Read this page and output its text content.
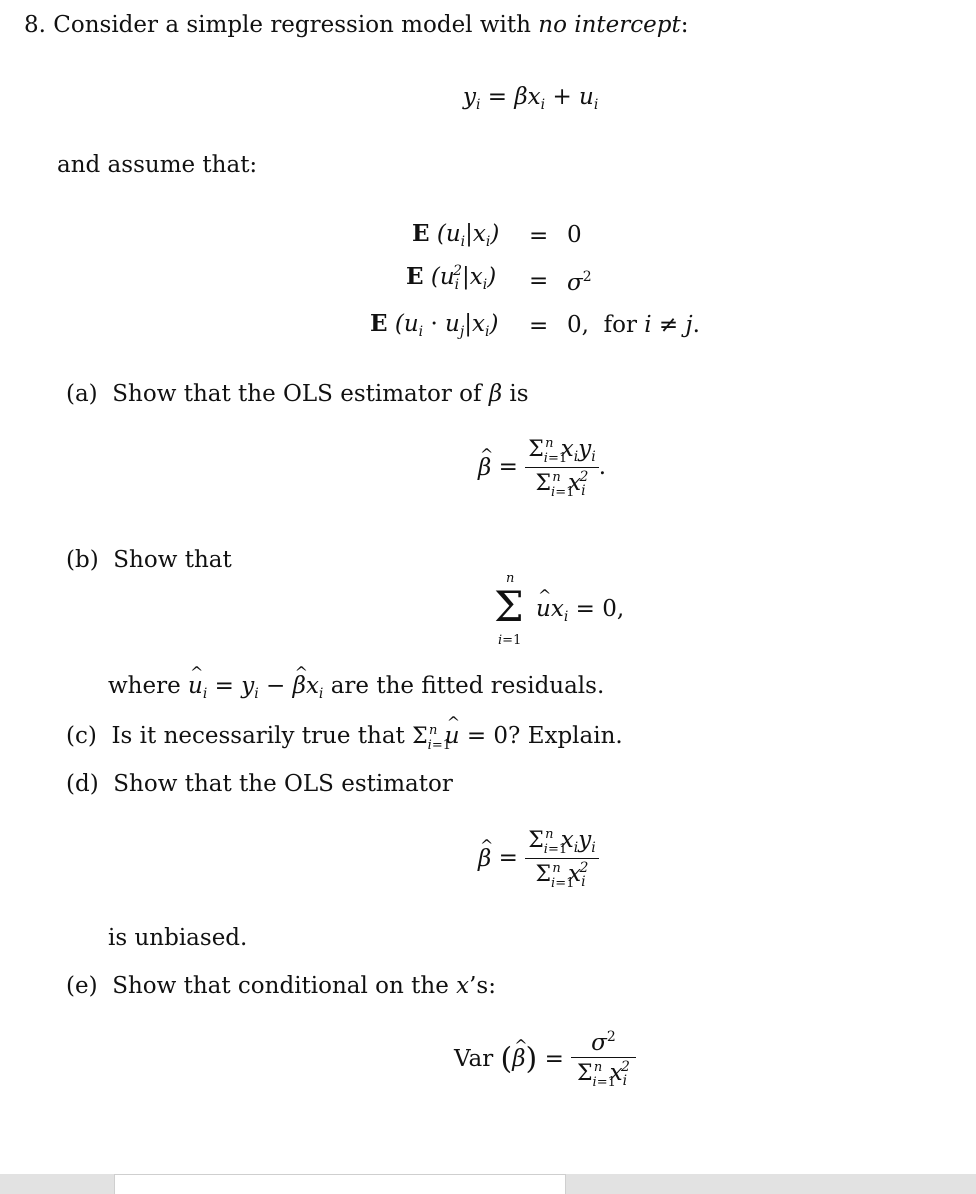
8. Consider a simple regression model with no intercept:
$y_i = \beta x_i + u_i$
and assume that:
E $(u_i|x_i) = 0$
E $(u_i^2|x_i) = \sigma^2$
E $(u_i \cdot u_j|x_i) = 0$, for i ≠ j.
(a) Show that the OLS estimator of β is
^ $\beta = \frac{\Sigma_{i=1}^n x_iy_i}{\Sigma_{i=1}^n x_i^2}$ .
(b) Show that
n
Σ
i=1
^ $ux_i = 0$,
where ^ $u_i = y_i$ − ^ $\beta x_i$ are the fitted residuals.
(c) Is it necessarily true that $\Sigma_{i=1}^n$ ^ u = 0? Explain.
(d) Show that the OLS estimator
^ $\beta = \frac{\Sigma_{i=1}^n x_iy_i}{\Sigma_{i=1}^n x_i^2}$
is unbiased.
(e) Show that conditional on the x’s:
Var (^ $\beta) = \frac{\sigma^2}{\Sigma_{i=1}^n x_i^2}$
